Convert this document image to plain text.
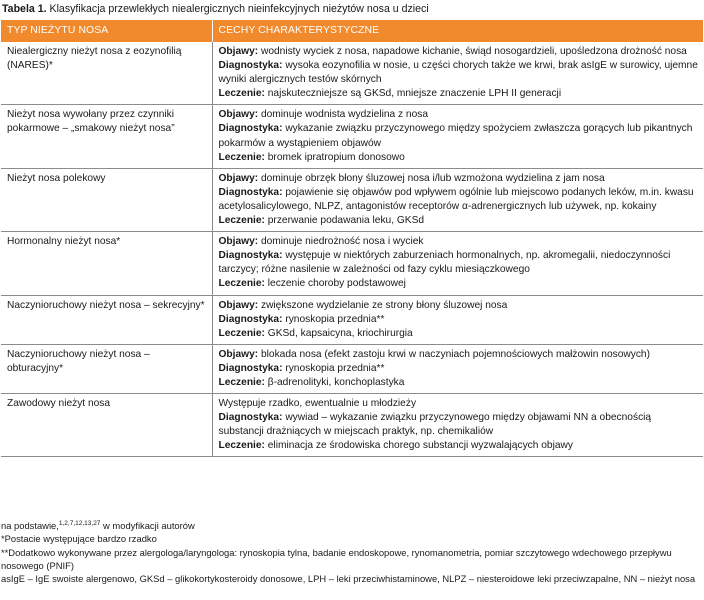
Tabela 1. Klasyfikacja przewlekłych niealergicznych nieinfekcyjnych nieżytów nosa u dzieci
TYP NIEŻYTU NOSA	CECHY CHARAKTERYSTYCZNE
Niealergiczny nieżyt nosa z eozynofilią (NARES)*	Objawy: wodnisty wyciek z nosa, napadowe kichanie, świąd nosogardzieli, upośledzona drożność nosa
Diagnostyka: wysoka eozynofilia w nosie, u części chorych także we krwi, brak asIgE w surowicy, ujemne wyniki alergicznych testów skórnych
Leczenie: najskuteczniejsze są GKSd, mniejsze znaczenie LPH II generacji

Nieżyt nosa wywołany przez czynniki pokarmowe – „smakowy nieżyt nosa”	Objawy: dominuje wodnista wydzielina z nosa
Diagnostyka: wykazanie związku przyczynowego między spożyciem zwłaszcza gorących lub pikantnych pokarmów a wystąpieniem objawów
Leczenie: bromek ipratropium donosowo

Nieżyt nosa polekowy	Objawy: dominuje obrzęk błony śluzowej nosa i/lub wzmożona wydzielina z jam nosa
Diagnostyka: pojawienie się objawów pod wpływem ogólnie lub miejscowo podanych leków, m.in. kwasu acetylosalicylowego, NLPZ, antagonistów receptorów α-adrenergicznych lub używek, np. kokainy
Leczenie: przerwanie podawania leku, GKSd

Hormonalny nieżyt nosa*	Objawy: dominuje niedrożność nosa i wyciek
Diagnostyka: występuje w niektórych zaburzeniach hormonalnych, np. akromegalii, niedoczynności tarczycy; różne nasilenie w zależności od fazy cyklu miesiączkowego
Leczenie: leczenie choroby podstawowej

Naczynioruchowy nieżyt nosa – sekrecyjny*	Objawy: zwiększone wydzielanie ze strony błony śluzowej nosa
Diagnostyka: rynoskopia przednia**
Leczenie: GKSd, kapsaicyna, kriochirurgia

Naczynioruchowy nieżyt nosa – obturacyjny*	Objawy: blokada nosa (efekt zastoju krwi w naczyniach pojemnościowych małżowin nosowych)
Diagnostyka: rynoskopia przednia**
Leczenie: β-adrenolityki, konchoplastyka

Zawodowy nieżyt nosa	Występuje rzadko, ewentualnie u młodzieży
Diagnostyka: wywiad – wykazanie związku przyczynowego między objawami NN a obecnością substancji drażniących w miejscach praktyk, np. chemikaliów
Leczenie: eliminacja ze środowiska chorego substancji wyzwalających objawy
na podstawie,$^{1,2,7,12,13,27}$ w modyfikacji autorów
*Postacie występujące bardzo rzadko
**Dodatkowo wykonywane przez alergologa/laryngologa: rynoskopia tylna, badanie endoskopowe, rynomanometria, pomiar szczytowego wdechowego przepływu nosowego (PNIF)
asIgE – IgE swoiste alergenowo, GKSd – glikokortykosteroidy donosowe, LPH – leki przeciwhistaminowe, NLPZ – niesteroidowe leki przeciwzapalne, NN – nieżyt nosa
